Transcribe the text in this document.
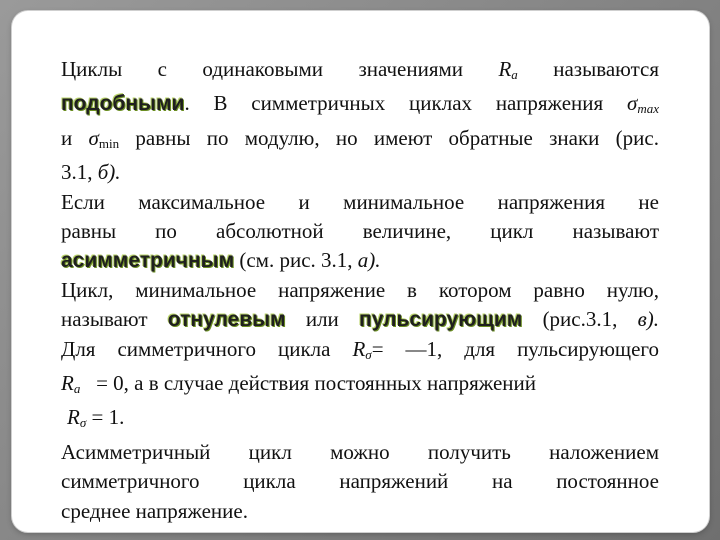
Циклы с одинаковыми значениями $R_a$ называются
подобными. В симметричных циклах напряжения $\sigma_{max}$
и $\sigma_{min}$ равны по модулю, но имеют обратные знаки (рис.
3.1, б).
Если максимальное и минимальное напряжения не
равны по абсолютной величине, цикл называют
асимметричным (см. рис. 3.1, а).
Цикл, минимальное напряжение в котором равно нулю,
называют отнулевым или пульсирующим (рис.3.1, в).
Для симметричного цикла $R_\sigma=$ —1, для пульсирующего
$R_a = 0$, а в случае действия постоянных напряжений
$R_\sigma = 1$.
Асимметричный цикл можно получить наложением
симметричного цикла напряжений на постоянное
среднее напряжение.
